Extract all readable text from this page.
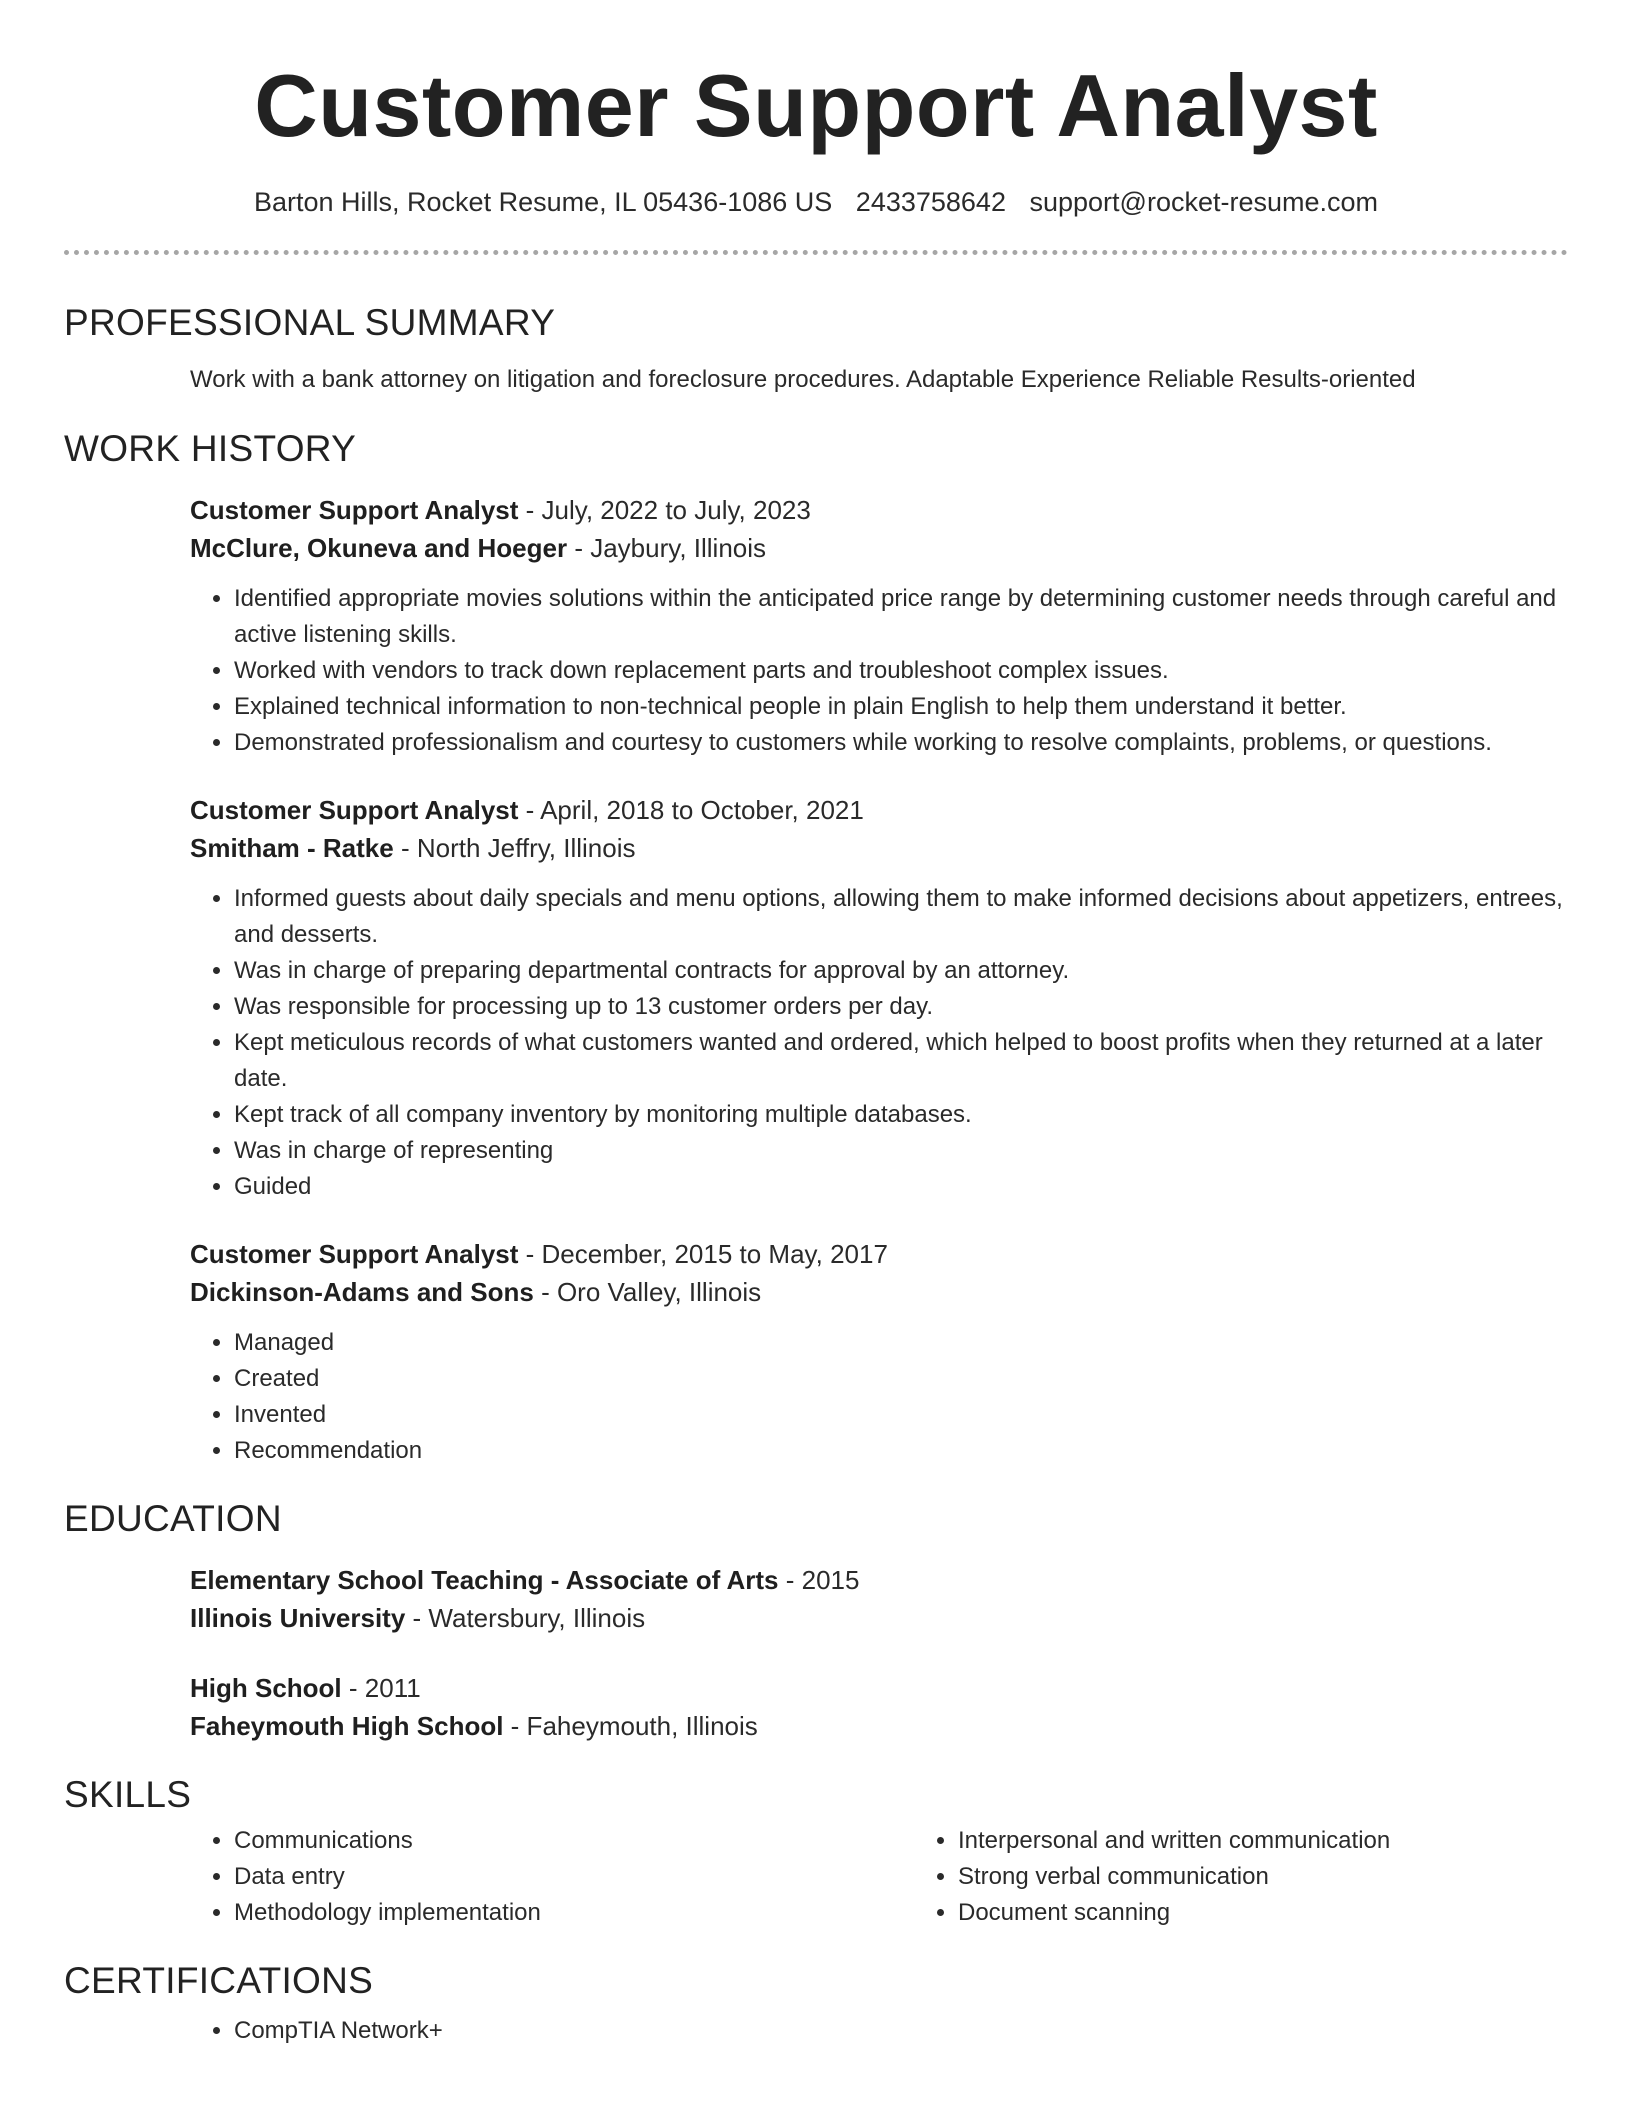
Customer Support Analyst
Barton Hills, Rocket Resume, IL 05436-1086 US 2433758642 support@rocket-resume.com
PROFESSIONAL SUMMARY
Work with a bank attorney on litigation and foreclosure procedures. Adaptable Experience Reliable Results-oriented
WORK HISTORY
Customer Support Analyst - July, 2022 to July, 2023
McClure, Okuneva and Hoeger - Jaybury, Illinois
• Identified appropriate movies solutions within the anticipated price range by determining customer needs through careful and active listening skills.
• Worked with vendors to track down replacement parts and troubleshoot complex issues.
• Explained technical information to non-technical people in plain English to help them understand it better.
• Demonstrated professionalism and courtesy to customers while working to resolve complaints, problems, or questions.
Customer Support Analyst - April, 2018 to October, 2021
Smitham - Ratke - North Jeffry, Illinois
• Informed guests about daily specials and menu options, allowing them to make informed decisions about appetizers, entrees, and desserts.
• Was in charge of preparing departmental contracts for approval by an attorney.
• Was responsible for processing up to 13 customer orders per day.
• Kept meticulous records of what customers wanted and ordered, which helped to boost profits when they returned at a later date.
• Kept track of all company inventory by monitoring multiple databases.
• Was in charge of representing
• Guided
Customer Support Analyst - December, 2015 to May, 2017
Dickinson-Adams and Sons - Oro Valley, Illinois
• Managed
• Created
• Invented
• Recommendation
EDUCATION
Elementary School Teaching - Associate of Arts - 2015
Illinois University - Watersbury, Illinois
High School - 2011
Faheymouth High School - Faheymouth, Illinois
SKILLS
• Communications
• Data entry
• Methodology implementation
• Interpersonal and written communication
• Strong verbal communication
• Document scanning
CERTIFICATIONS
• CompTIA Network+
